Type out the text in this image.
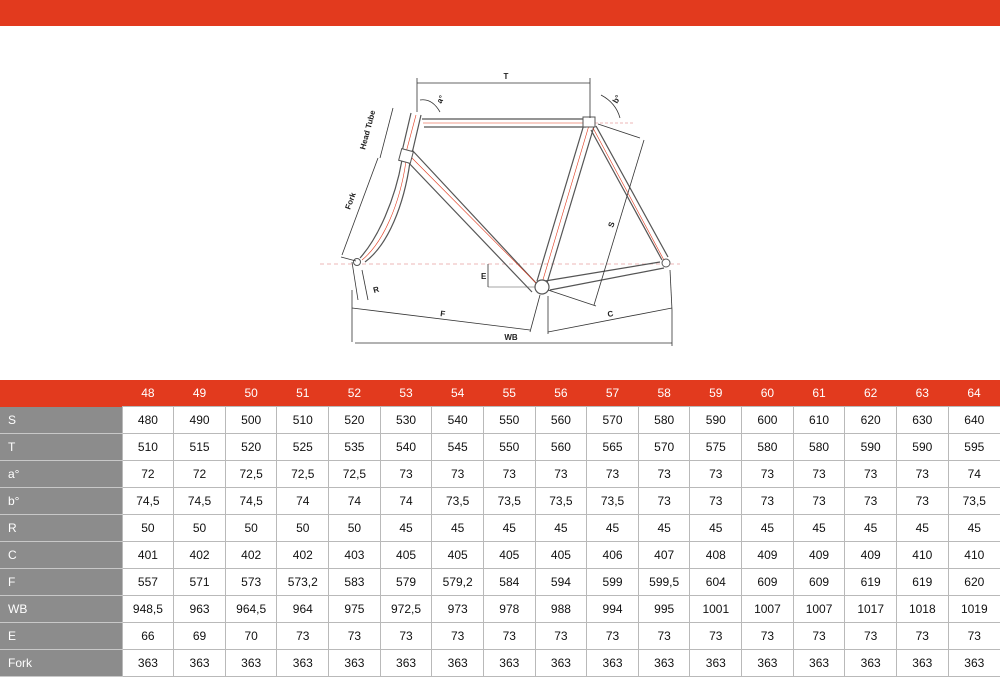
T
a°	b°
Head Tube
Fork
S
E
R
F	C
WB
	48	49	50	51	52	53	54	55	56	57	58	59	60	61	62	63	64
S	480	490	500	510	520	530	540	550	560	570	580	590	600	610	620	630	640
T	510	515	520	525	535	540	545	550	560	565	570	575	580	580	590	590	595
a°	72	72	72,5	72,5	72,5	73	73	73	73	73	73	73	73	73	73	73	74
b°	74,5	74,5	74,5	74	74	74	73,5	73,5	73,5	73,5	73	73	73	73	73	73	73,5
R	50	50	50	50	50	45	45	45	45	45	45	45	45	45	45	45	45
C	401	402	402	402	403	405	405	405	405	406	407	408	409	409	409	410	410
F	557	571	573	573,2	583	579	579,2	584	594	599	599,5	604	609	609	619	619	620
WB	948,5	963	964,5	964	975	972,5	973	978	988	994	995	1001	1007	1007	1017	1018	1019
E	66	69	70	73	73	73	73	73	73	73	73	73	73	73	73	73	73
Fork	363	363	363	363	363	363	363	363	363	363	363	363	363	363	363	363	363
